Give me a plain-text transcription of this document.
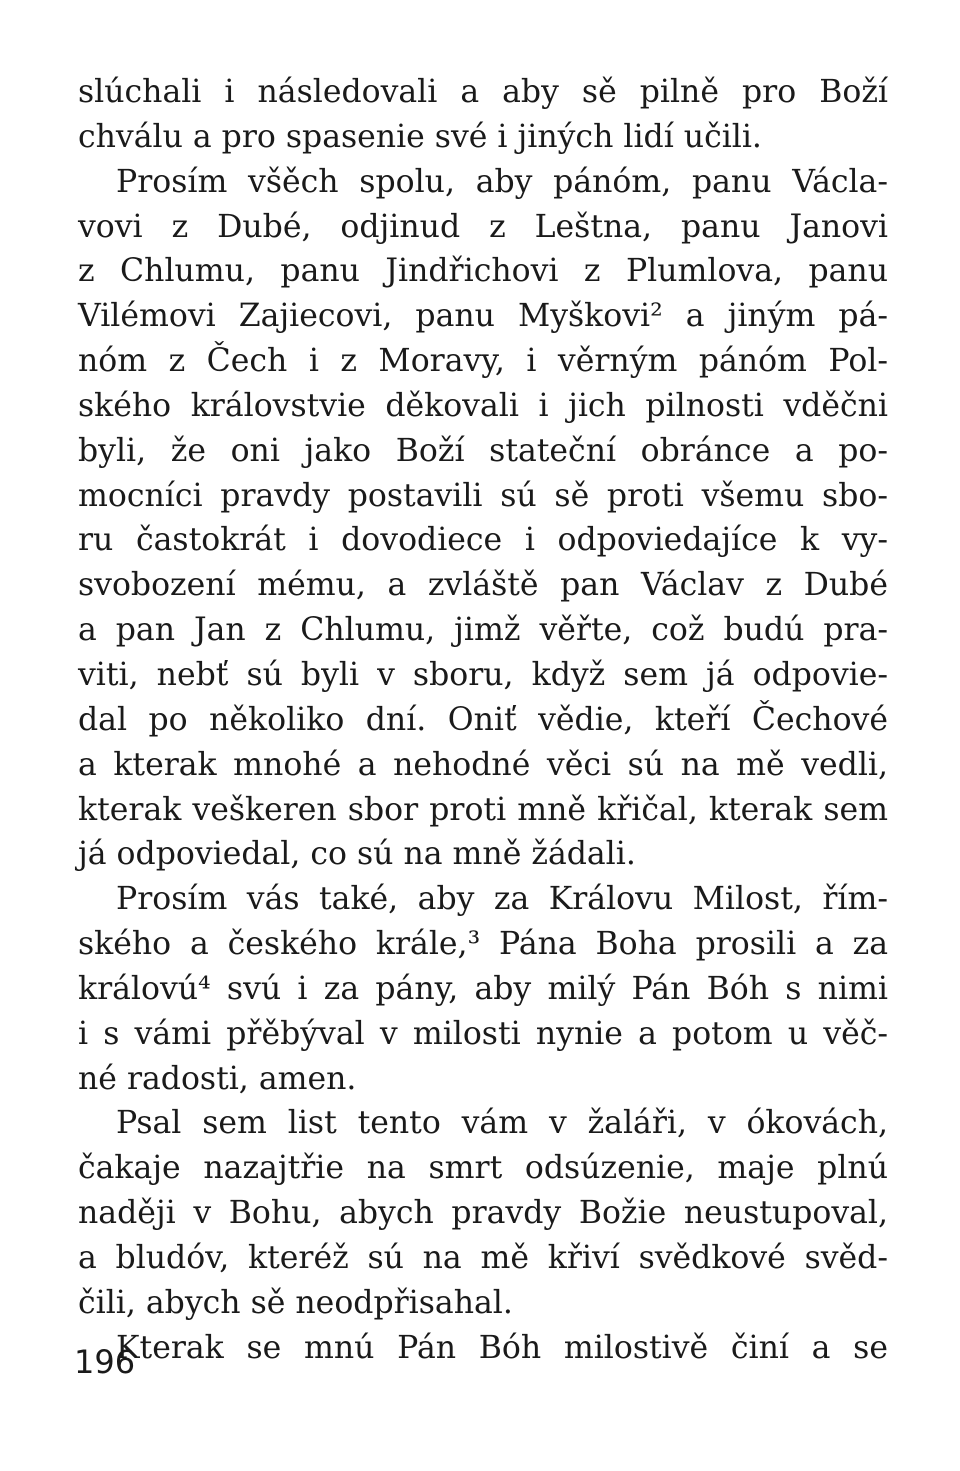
slúchali i následovali a aby sě pilně pro Boží
chválu a pro spasenie své i jiných lidí učili.
Prosím všěch spolu, aby pánóm, panu Václa-
vovi z Dubé, odjinud z Leštna, panu Janovi
z Chlumu, panu Jindřichovi z Plumlova, panu
Vilémovi Zajiecovi, panu Myškovi² a jiným pá-
nóm z Čech i z Moravy, i věrným pánóm Pol-
ského královstvie děkovali i jich pilnosti vděčni
byli, že oni jako Boží stateční obránce a po-
mocníci pravdy postavili sú sě proti všemu sbo-
ru častokrát i dovodiece i odpoviedajíce k vy-
svobození mému, a zvláště pan Václav z Dubé
a pan Jan z Chlumu, jimž věřte, což budú pra-
viti, nebť sú byli v sboru, když sem já odpovie-
dal po několiko dní. Oniť vědie, kteří Čechové
a kterak mnohé a nehodné věci sú na mě vedli,
kterak veškeren sbor proti mně křičal, kterak sem
já odpoviedal, co sú na mně žádali.
Prosím vás také, aby za Královu Milost, řím-
ského a českého krále,³ Pána Boha prosili a za
královú⁴ svú i za pány, aby milý Pán Bóh s nimi
i s vámi přěbýval v milosti nynie a potom u věč-
né radosti, amen.
Psal sem list tento vám v žaláři, v ókovách,
čakaje nazajtřie na smrt odsúzenie, maje plnú
naději v Bohu, abych pravdy Božie neustupoval,
a bludóv, kteréž sú na mě křiví svědkové svěd-
čili, abych sě neodpřisahal.
Kterak se mnú Pán Bóh milostivě činí a se
196
